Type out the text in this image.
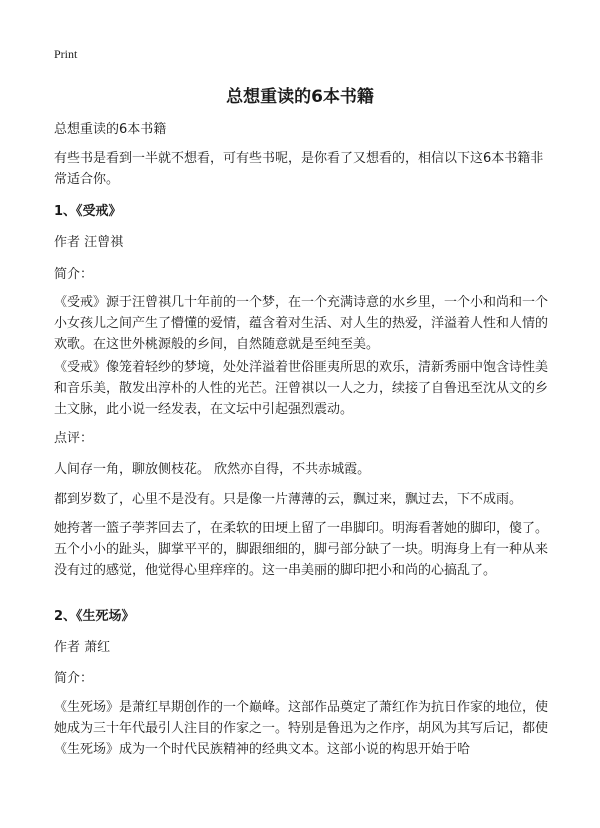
Print
总想重读的6本书籍
总想重读的6本书籍
有些书是看到一半就不想看，可有些书呢，是你看了又想看的，相信以下这6本书籍非常适合你。
1、《受戒》
作者 汪曾祺
简介：
《受戒》源于汪曾祺几十年前的一个梦，在一个充满诗意的水乡里，一个小和尚和一个小女孩儿之间产生了懵懂的爱情，蕴含着对生活、对人生的热爱，洋溢着人性和人情的欢歌。在这世外桃源般的乡间，自然随意就是至纯至美。
《受戒》像笼着轻纱的梦境，处处洋溢着世俗匪夷所思的欢乐，清新秀丽中饱含诗性美和音乐美，散发出淳朴的人性的光芒。汪曾祺以一人之力，续接了自鲁迅至沈从文的乡土文脉，此小说一经发表，在文坛中引起强烈震动。
点评：
人间存一角，聊放侧枝花。 欣然亦自得，不共赤城霞。
都到岁数了，心里不是没有。只是像一片薄薄的云，飘过来，飘过去，下不成雨。
她挎著一篮子荸荠回去了，在柔软的田埂上留了一串脚印。明海看著她的脚印，傻了。五个小小的趾头，脚掌平平的，脚跟细细的，脚弓部分缺了一块。明海身上有一种从来没有过的感觉，他觉得心里痒痒的。这一串美丽的脚印把小和尚的心搞乱了。
2、《生死场》
作者 萧红
简介：
《生死场》是萧红早期创作的一个巅峰。这部作品奠定了萧红作为抗日作家的地位，使她成为三十年代最引人注目的作家之一。特别是鲁迅为之作序，胡风为其写后记，都使《生死场》成为一个时代民族精神的经典文本。这部小说的构思开始于哈
